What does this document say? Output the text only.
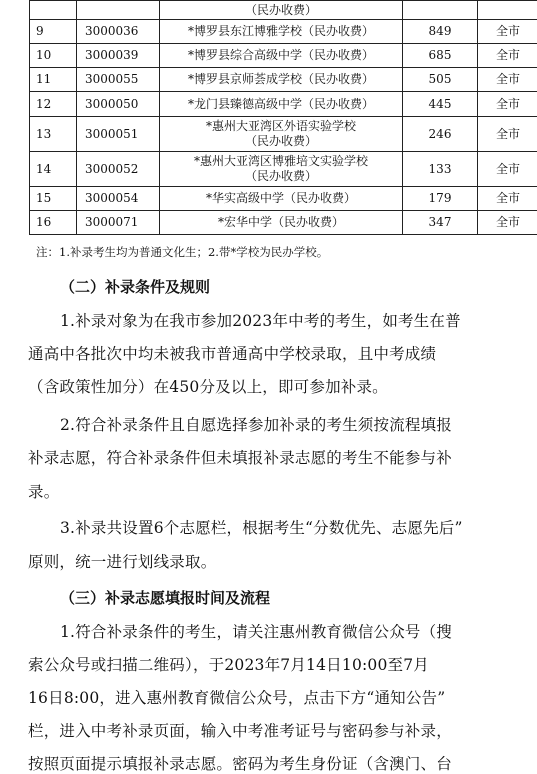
		（民办收费）		

9	3000036	*博罗县东江博雅学校（民办收费）	849	全市
10	3000039	*博罗县综合高级中学（民办收费）	685	全市
11	3000055	*博罗县京师荟成学校（民办收费）	505	全市
12	3000050	*龙门县臻德高级中学（民办收费）	445	全市
13	3000051	*惠州大亚湾区外语实验学校
（民办收费）	246	全市
14	3000052	*惠州大亚湾区博雅培文实验学校
（民办收费）	133	全市
15	3000054	*华实高级中学（民办收费）	179	全市
16	3000071	*宏华中学（民办收费）	347	全市
注：1.补录考生均为普通文化生；2.带*学校为民办学校。
（二）补录条件及规则
1.补录对象为在我市参加2023年中考的考生，如考生在普
通高中各批次中均未被我市普通高中学校录取，且中考成绩
（含政策性加分）在450分及以上，即可参加补录。
2.符合补录条件且自愿选择参加补录的考生须按流程填报
补录志愿，符合补录条件但未填报补录志愿的考生不能参与补
录。
3.补录共设置6个志愿栏，根据考生“分数优先、志愿先后”
原则，统一进行划线录取。
（三）补录志愿填报时间及流程
1.符合补录条件的考生，请关注惠州教育微信公众号（搜
索公众号或扫描二维码），于2023年7月14日10:00至7月
16日8:00，进入惠州教育微信公众号，点击下方“通知公告”
栏，进入中考补录页面，输入中考准考证号与密码参与补录，
按照页面提示填报补录志愿。密码为考生身份证（含澳门、台
